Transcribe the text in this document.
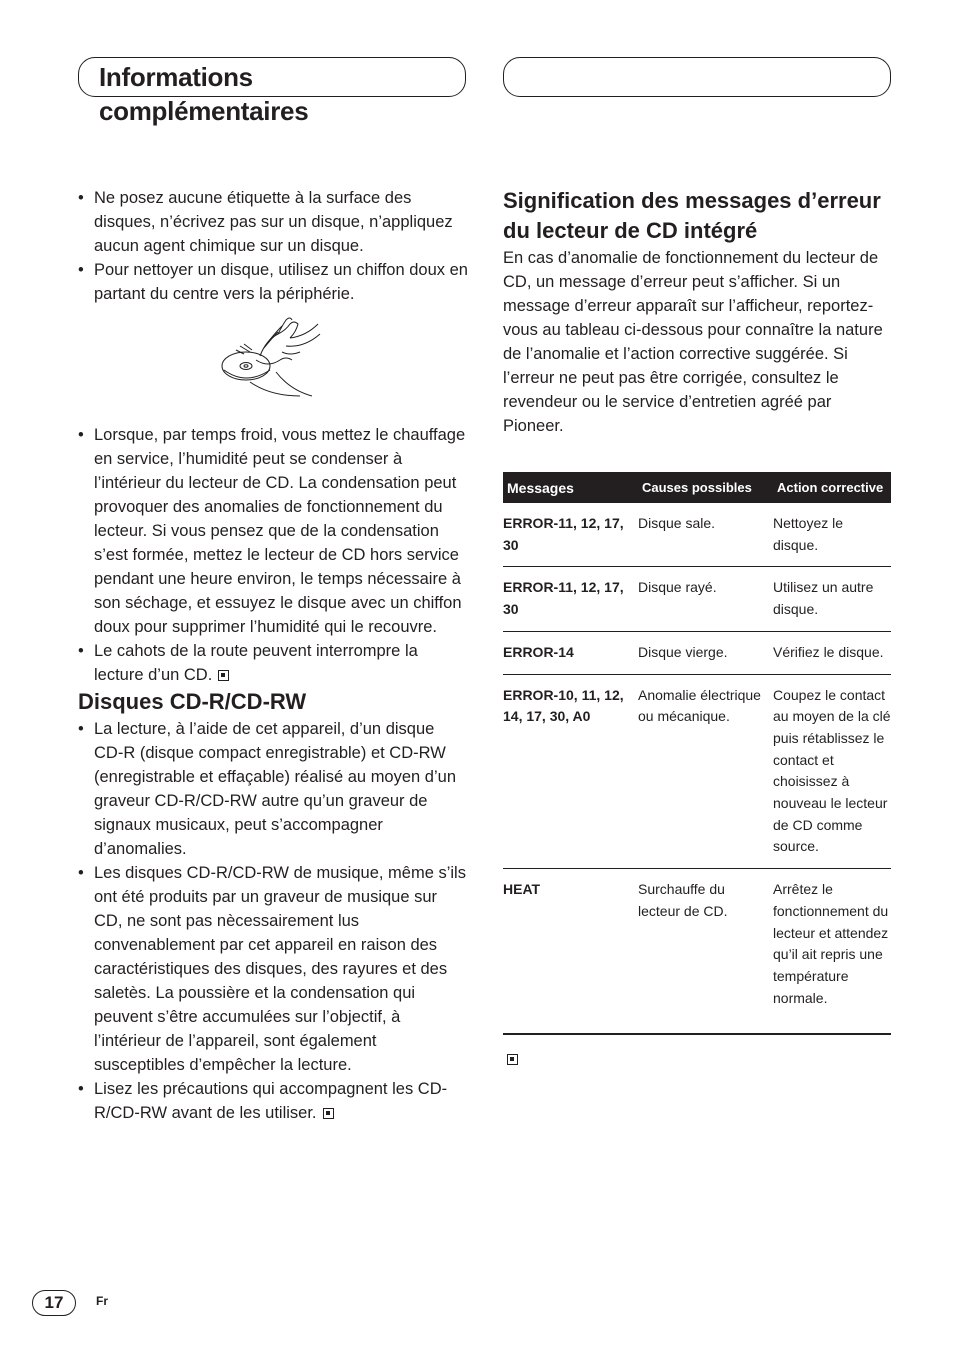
Informations complémentaires
• Ne posez aucune étiquette à la surface des disques, n’écrivez pas sur un disque, n’appliquez aucun agent chimique sur un disque.
• Pour nettoyer un disque, utilisez un chiffon doux en partant du centre vers la périphérie.
• Lorsque, par temps froid, vous mettez le chauffage en service, l’humidité peut se condenser à l’intérieur du lecteur de CD. La condensation peut provoquer des anomalies de fonctionnement du lecteur. Si vous pensez que de la condensation s’est formée, mettez le lecteur de CD hors service pendant une heure environ, le temps nécessaire à son séchage, et essuyez le disque avec un chiffon doux pour supprimer l’humidité qui le recouvre.
• Le cahots de la route peuvent interrompre la lecture d’un CD.
Disques CD-R/CD-RW
• La lecture, à l’aide de cet appareil, d’un disque CD-R (disque compact enregistrable) et CD-RW (enregistrable et effaçable) réalisé au moyen d’un graveur CD-R/CD-RW autre qu’un graveur de signaux musicaux, peut s’accompagner d’anomalies.
• Les disques CD-R/CD-RW de musique, même s’ils ont été produits par un graveur de musique sur CD, ne sont pas nècessairement lus convenablement par cet appareil en raison des caractéristiques des disques, des rayures et des saletès. La poussière et la condensation qui peuvent s’être accumulées sur l’objectif, à l’intérieur de l’appareil, sont également susceptibles d’empêcher la lecture.
• Lisez les précautions qui accompagnent les CD-R/CD-RW avant de les utiliser.
Signification des messages d’erreur du lecteur de CD intégré

En cas d’anomalie de fonctionnement du lecteur de CD, un message d’erreur peut s’afficher. Si un message d’erreur apparaît sur l’afficheur, reportez-vous au tableau ci-dessous pour connaître la nature de l’anomalie et l’action corrective suggérée. Si l’erreur ne peut pas être corrigée, consultez le revendeur ou le service d’entretien agréé par Pioneer.

Messages	Causes possibles	Action corrective
ERROR-11, 12, 17, 30	Disque sale.	Nettoyez le disque.
ERROR-11, 12, 17, 30	Disque rayé.	Utilisez un autre disque.
ERROR-14	Disque vierge.	Vérifiez le disque.
ERROR-10, 11, 12, 14, 17, 30, A0	Anomalie électrique ou mécanique.	Coupez le contact au moyen de la clé puis rétablissez le contact et choisissez à nouveau le lecteur de CD comme source.
HEAT	Surchauffe du lecteur de CD.	Arrêtez le fonctionnement du lecteur et attendez qu’il ait repris une température normale.
17	Fr
